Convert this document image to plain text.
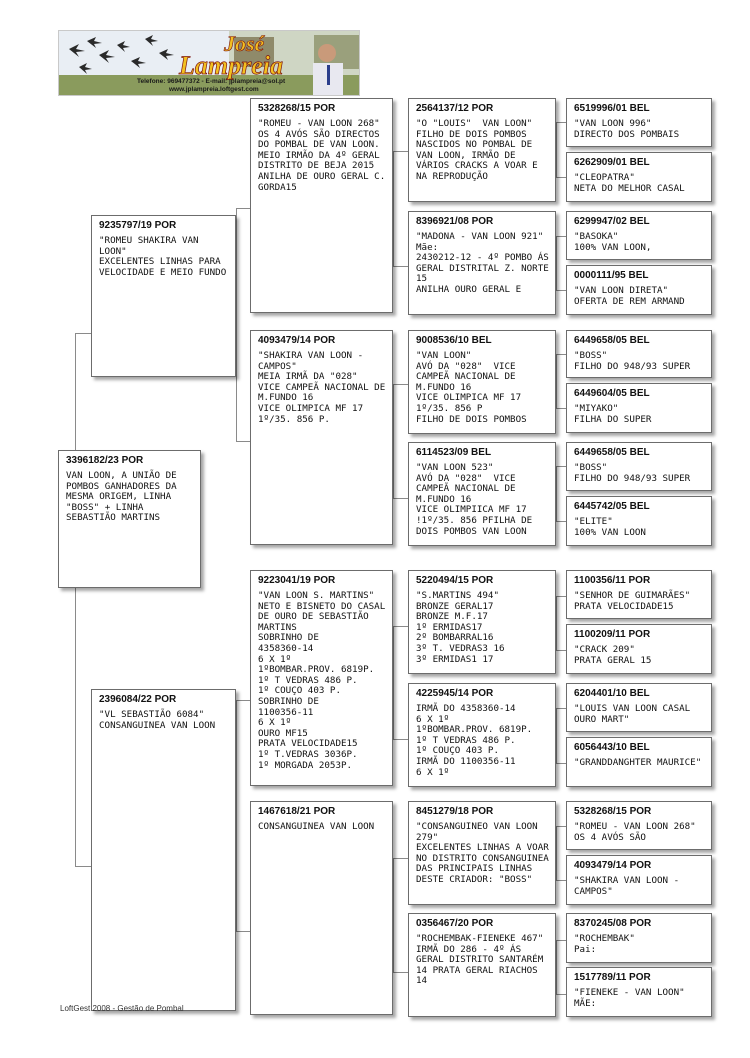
José
Lampreia
Telefone: 969477372 - E-mail: jplampreia@sol.pt
www.jplampreia.loftgest.com
3396182/23 POR
VAN LOON, A UNIÃO DE POMBOS GANHADORES DA MESMA ORIGEM, LINHA "BOSS" + LINHA SEBASTIÃO MARTINS
9235797/19 POR
"ROMEU SHAKIRA VAN LOON"
EXCELENTES LINHAS PARA VELOCIDADE E MEIO FUNDO
2396084/22 POR
"VL SEBASTIÃO 6084"
CONSANGUINEA VAN LOON
5328268/15 POR
"ROMEU - VAN LOON 268"
OS 4 AVÓS SÃO DIRECTOS DO POMBAL DE VAN LOON.  MEIO IRMÃO DA 4º GERAL DISTRITO DE BEJA 2015 ANILHA DE OURO GERAL C. GORDA15
4093479/14 POR
"SHAKIRA VAN LOON - CAMPOS"
MEIA IRMÃ DA "028"
VICE CAMPEÃ NACIONAL DE M.FUNDO 16
VICE OLIMPICA MF 17
1º/35. 856 P.
9223041/19 POR
"VAN LOON S. MARTINS"
NETO E BISNETO DO CASAL DE OURO DE SEBASTIÃO MARTINS
SOBRINHO DE
4358360-14
6 X 1º
1ºBOMBAR.PROV. 6819P.
1º T VEDRAS 486 P.
1º COUÇO 403 P.
SOBRINHO DE
1100356-11
6 X 1º
OURO MF15
PRATA VELOCIDADE15
1º T.VEDRAS 3036P.
1º MORGADA 2053P.
1467618/21 POR
CONSANGUINEA VAN LOON
2564137/12 POR
"O "LOUIS"  VAN LOON"
FILHO DE DOIS POMBOS NASCIDOS NO POMBAL DE VAN LOON, IRMÃO DE VÁRIOS CRACKS A VOAR E NA REPRODUÇÃO
8396921/08 POR
"MADONA - VAN LOON 921"
Mãe:
2430212-12 - 4º POMBO ÁS GERAL DISTRITAL Z. NORTE 15
ANILHA OURO GERAL E
9008536/10 BEL
"VAN LOON"
AVÓ DA "028"  VICE CAMPEÃ NACIONAL DE M.FUNDO 16
VICE OLIMPICA MF 17
1º/35. 856 P
FILHO DE DOIS POMBOS
6114523/09 BEL
"VAN LOON 523"
AVÓ DA "028"  VICE CAMPEÃ NACIONAL DE M.FUNDO 16
VICE OLIMPIICA MF 17
!1º/35. 856 PFILHA DE DOIS POMBOS VAN LOON
5220494/15 POR
"S.MARTINS 494"
BRONZE GERAL17
BRONZE M.F.17
1º ERMIDAS17
2º BOMBARRAL16
3º T. VEDRAS3 16
3º ERMIDAS1 17
4225945/14 POR
IRMÃ DO 4358360-14
6 X 1º
1ºBOMBAR.PROV. 6819P.
1º T VEDRAS 486 P.
1º COUÇO 403 P.
IRMÃ DO 1100356-11
6 X 1º
8451279/18 POR
"CONSANGUINEO VAN LOON 279"
EXCELENTES LINHAS A VOAR NO DISTRITO CONSANGUINEA DAS PRINCIPAIS LINHAS DESTE CRIADOR: "BOSS"
0356467/20 POR
"ROCHEMBAK-FIENEKE 467"
IRMÃ DO 286 - 4º ÁS GERAL DISTRITO SANTARÉM 14 PRATA GERAL RIACHOS 14
6519996/01 BEL
"VAN LOON 996"
DIRECTO DOS POMBAIS
6262909/01 BEL
"CLEOPATRA"
NETA DO MELHOR CASAL
6299947/02 BEL
"BASOKA"
100% VAN LOON,
0000111/95 BEL
"VAN LOON DIRETA"
OFERTA DE REM ARMAND
6449658/05 BEL
"BOSS"
FILHO DO 948/93 SUPER
6449604/05 BEL
"MIYAKO"
FILHA DO SUPER
6449658/05 BEL
"BOSS"
FILHO DO 948/93 SUPER
6445742/05 BEL
"ELITE"
100% VAN LOON
1100356/11 POR
"SENHOR DE GUIMARÃES"
PRATA VELOCIDADE15
1100209/11 POR
"CRACK 209"
PRATA GERAL 15
6204401/10 BEL
"LOUIS VAN LOON CASAL OURO MART"
6056443/10 BEL
"GRANDDANGHTER MAURICE"
5328268/15 POR
"ROMEU - VAN LOON 268"
OS 4 AVÓS SÃO
4093479/14 POR
"SHAKIRA VAN LOON - CAMPOS"
8370245/08 POR
"ROCHEMBAK"
Pai:
1517789/11 POR
"FIENEKE - VAN LOON"
MÃE:
LoftGest 2008 - Gestão de Pombal
